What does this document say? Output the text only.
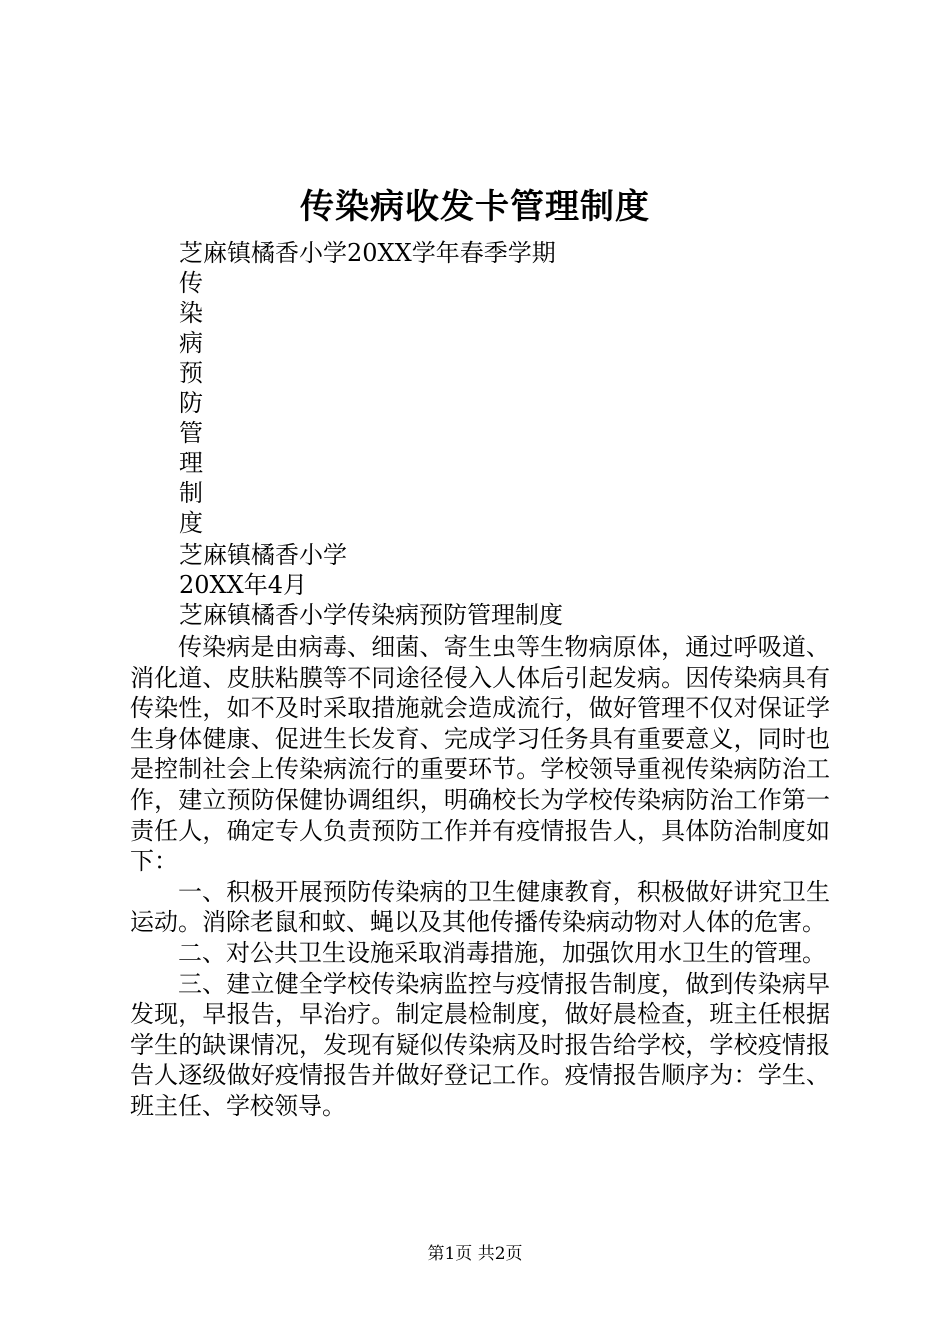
传染病收发卡管理制度
芝麻镇橘香小学20XX学年春季学期
传
染
病
预
防
管
理
制
度
芝麻镇橘香小学
20XX年4月
芝麻镇橘香小学传染病预防管理制度

传染病是由病毒、细菌、寄生虫等生物病原体，通过呼吸道、消化道、皮肤粘膜等不同途径侵入人体后引起发病。因传染病具有传染性，如不及时采取措施就会造成流行，做好管理不仅对保证学生身体健康、促进生长发育、完成学习任务具有重要意义，同时也是控制社会上传染病流行的重要环节。学校领导重视传染病防治工作，建立预防保健协调组织，明确校长为学校传染病防治工作第一责任人，确定专人负责预防工作并有疫情报告人，具体防治制度如下：

一、积极开展预防传染病的卫生健康教育，积极做好讲究卫生运动。消除老鼠和蚊、蝇以及其他传播传染病动物对人体的危害。

二、对公共卫生设施采取消毒措施，加强饮用水卫生的管理。

三、建立健全学校传染病监控与疫情报告制度，做到传染病早发现，早报告，早治疗。制定晨检制度，做好晨检查，班主任根据学生的缺课情况，发现有疑似传染病及时报告给学校，学校疫情报告人逐级做好疫情报告并做好登记工作。疫情报告顺序为：学生、班主任、学校领导。

第1页 共2页
